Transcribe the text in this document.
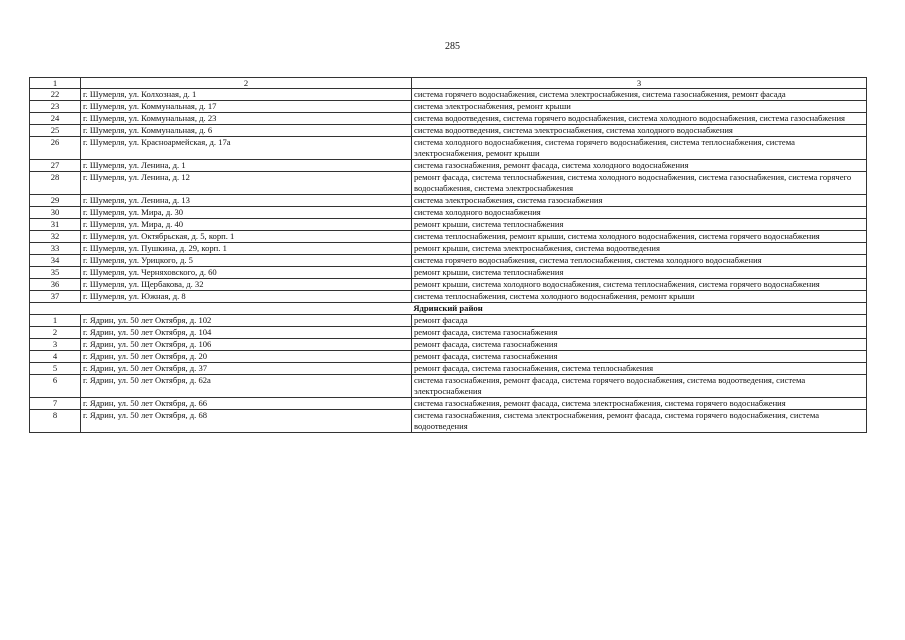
285
1	2	3
22	г. Шумерля, ул. Колхозная, д. 1	система горячего водоснабжения, система электроснабжения, система газоснабжения, ремонт фасада
23	г. Шумерля, ул. Коммунальная, д. 17	система электроснабжения, ремонт крыши
24	г. Шумерля, ул. Коммунальная, д. 23	система водоотведения, система горячего водоснабжения, система холодного водоснабжения, система газоснабжения
25	г. Шумерля, ул. Коммунальная, д. 6	система водоотведения, система электроснабжения, система холодного водоснабжения
26	г. Шумерля, ул. Красноармейская, д. 17а	система холодного водоснабжения, система горячего водоснабжения, система теплоснабжения, система электроснабжения, ремонт крыши
27	г. Шумерля, ул. Ленина, д. 1	система газоснабжения, ремонт фасада, система холодного водоснабжения
28	г. Шумерля, ул. Ленина, д. 12	ремонт фасада, система теплоснабжения, система холодного водоснабжения, система газоснабжения, система горячего водоснабжения, система электроснабжения
29	г. Шумерля, ул. Ленина, д. 13	система электроснабжения, система газоснабжения
30	г. Шумерля, ул. Мира, д. 30	система холодного водоснабжения
31	г. Шумерля, ул. Мира, д. 40	ремонт крыши, система теплоснабжения
32	г. Шумерля, ул. Октябрьская, д. 5, корп. 1	система теплоснабжения, ремонт крыши, система холодного водоснабжения, система горячего водоснабжения
33	г. Шумерля, ул. Пушкина, д. 29, корп. 1	ремонт крыши, система электроснабжения, система водоотведения
34	г. Шумерля, ул. Урицкого, д. 5	система горячего водоснабжения, система теплоснабжения, система холодного водоснабжения
35	г. Шумерля, ул. Черняховского, д. 60	ремонт крыши, система теплоснабжения
36	г. Шумерля, ул. Щербакова, д. 32	ремонт крыши, система холодного водоснабжения, система теплоснабжения, система горячего водоснабжения
37	г. Шумерля, ул. Южная, д. 8	система теплоснабжения, система холодного водоснабжения, ремонт крыши
Ядринский район		
1	г. Ядрин, ул. 50 лет Октября, д. 102	ремонт фасада
2	г. Ядрин, ул. 50 лет Октября, д. 104	ремонт фасада, система газоснабжения
3	г. Ядрин, ул. 50 лет Октября, д. 106	ремонт фасада, система газоснабжения
4	г. Ядрин, ул. 50 лет Октября, д. 20	ремонт фасада, система газоснабжения
5	г. Ядрин, ул. 50 лет Октября, д. 37	ремонт фасада, система газоснабжения, система теплоснабжения
6	г. Ядрин, ул. 50 лет Октября, д. 62а	система газоснабжения, ремонт фасада, система горячего водоснабжения, система водоотведения, система электроснабжения
7	г. Ядрин, ул. 50 лет Октября, д. 66	система газоснабжения, ремонт фасада, система электроснабжения, система горячего водоснабжения
8	г. Ядрин, ул. 50 лет Октября, д. 68	система газоснабжения, система электроснабжения, ремонт фасада, система горячего водоснабжения, система водоотведения
